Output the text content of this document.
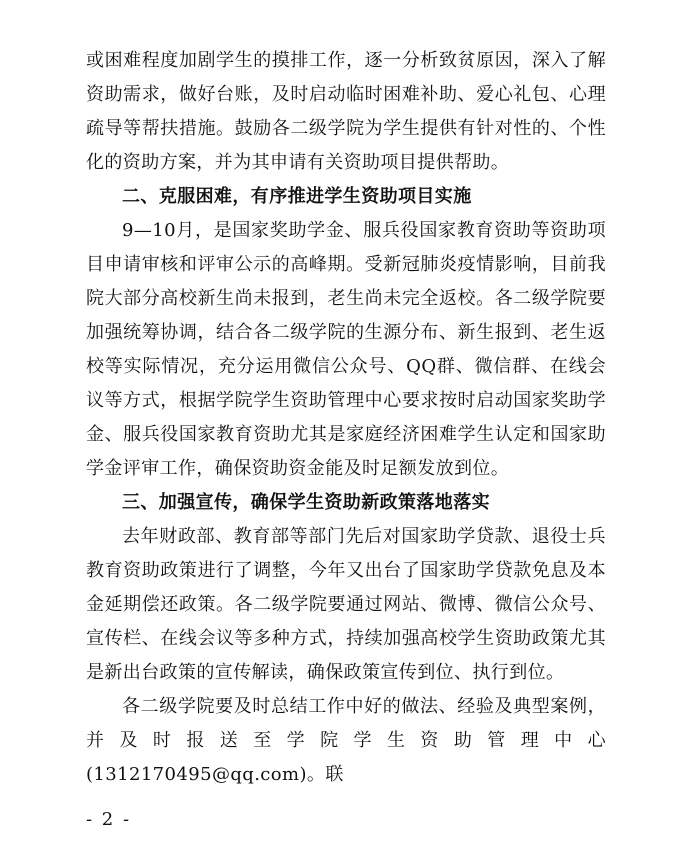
或困难程度加剧学生的摸排工作，逐一分析致贫原因，深入了解资助需求，做好台账，及时启动临时困难补助、爱心礼包、心理疏导等帮扶措施。鼓励各二级学院为学生提供有针对性的、个性化的资助方案，并为其申请有关资助项目提供帮助。

二、克服困难，有序推进学生资助项目实施

9—10月，是国家奖助学金、服兵役国家教育资助等资助项目申请审核和评审公示的高峰期。受新冠肺炎疫情影响，目前我院大部分高校新生尚未报到，老生尚未完全返校。各二级学院要加强统筹协调，结合各二级学院的生源分布、新生报到、老生返校等实际情况，充分运用微信公众号、QQ群、微信群、在线会议等方式，根据学院学生资助管理中心要求按时启动国家奖助学金、服兵役国家教育资助尤其是家庭经济困难学生认定和国家助学金评审工作，确保资助资金能及时足额发放到位。

三、加强宣传，确保学生资助新政策落地落实

去年财政部、教育部等部门先后对国家助学贷款、退役士兵教育资助政策进行了调整，今年又出台了国家助学贷款免息及本金延期偿还政策。各二级学院要通过网站、微博、微信公众号、宣传栏、在线会议等多种方式，持续加强高校学生资助政策尤其是新出台政策的宣传解读，确保政策宣传到位、执行到位。

各二级学院要及时总结工作中好的做法、经验及典型案例，并及时报送至学院学生资助管理中心(1312170495@qq.com)。联

- 2 -
